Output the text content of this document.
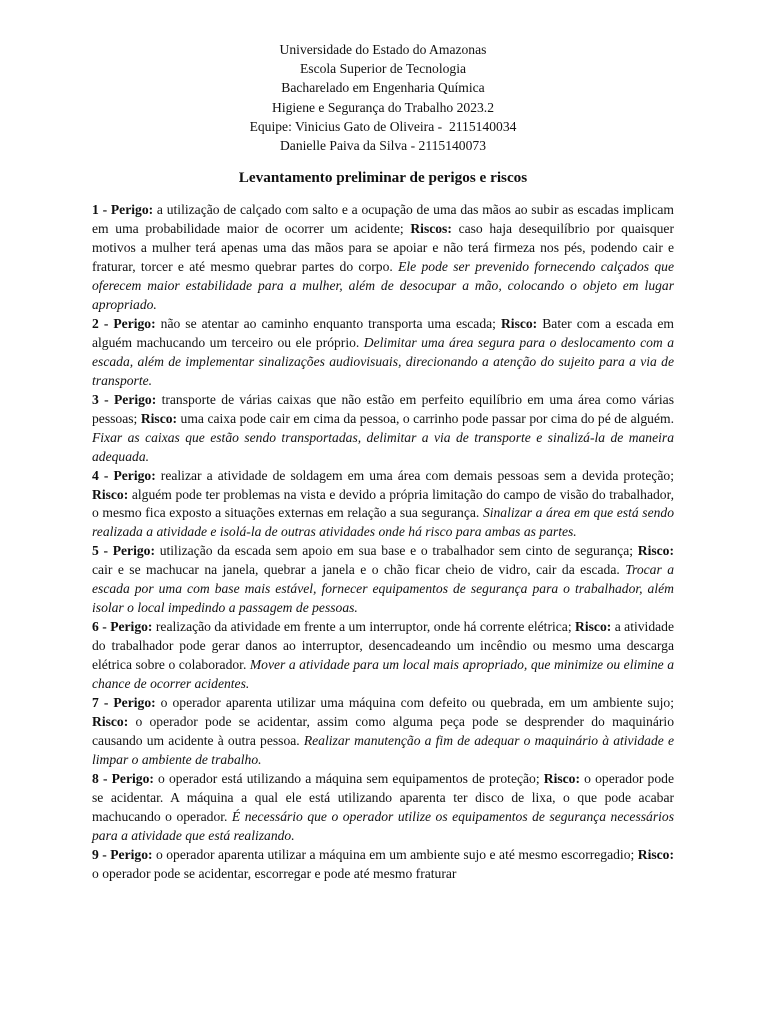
Universidade do Estado do Amazonas
Escola Superior de Tecnologia
Bacharelado em Engenharia Química
Higiene e Segurança do Trabalho 2023.2
Equipe: Vinicius Gato de Oliveira -  2115140034
Danielle Paiva da Silva - 2115140073
Levantamento preliminar de perigos e riscos

1 - Perigo: a utilização de calçado com salto e a ocupação de uma das mãos ao subir as escadas implicam em uma probabilidade maior de ocorrer um acidente; Riscos: caso haja desequilíbrio por quaisquer motivos a mulher terá apenas uma das mãos para se apoiar e não terá firmeza nos pés, podendo cair e fraturar, torcer e até mesmo quebrar partes do corpo. Ele pode ser prevenido fornecendo calçados que oferecem maior estabilidade para a mulher, além de desocupar a mão, colocando o objeto em lugar apropriado.

2 - Perigo: não se atentar ao caminho enquanto transporta uma escada; Risco: Bater com a escada em alguém machucando um terceiro ou ele próprio. Delimitar uma área segura para o deslocamento com a escada, além de implementar sinalizações audiovisuais, direcionando a atenção do sujeito para a via de transporte.

3 - Perigo: transporte de várias caixas que não estão em perfeito equilíbrio em uma área como várias pessoas; Risco: uma caixa pode cair em cima da pessoa, o carrinho pode passar por cima do pé de alguém. Fixar as caixas que estão sendo transportadas, delimitar a via de transporte e sinalizá-la de maneira adequada.

4 - Perigo: realizar a atividade de soldagem em uma área com demais pessoas sem a devida proteção; Risco: alguém pode ter problemas na vista e devido a própria limitação do campo de visão do trabalhador, o mesmo fica exposto a situações externas em relação a sua segurança. Sinalizar a área em que está sendo realizada a atividade e isolá-la de outras atividades onde há risco para ambas as partes.

5 - Perigo: utilização da escada sem apoio em sua base e o trabalhador sem cinto de segurança; Risco: cair e se machucar na janela, quebrar a janela e o chão ficar cheio de vidro, cair da escada. Trocar a escada por uma com base mais estável, fornecer equipamentos de segurança para o trabalhador, além isolar o local impedindo a passagem de pessoas.

6 - Perigo: realização da atividade em frente a um interruptor, onde há corrente elétrica; Risco: a atividade do trabalhador pode gerar danos ao interruptor, desencadeando um incêndio ou mesmo uma descarga elétrica sobre o colaborador. Mover a atividade para um local mais apropriado, que minimize ou elimine a chance de ocorrer acidentes.

7 - Perigo: o operador aparenta utilizar uma máquina com defeito ou quebrada, em um ambiente sujo; Risco: o operador pode se acidentar, assim como alguma peça pode se desprender do maquinário causando um acidente à outra pessoa. Realizar manutenção a fim de adequar o maquinário à atividade e limpar o ambiente de trabalho.

8 - Perigo: o operador está utilizando a máquina sem equipamentos de proteção; Risco: o operador pode se acidentar. A máquina a qual ele está utilizando aparenta ter disco de lixa, o que pode acabar machucando o operador. É necessário que o operador utilize os equipamentos de segurança necessários para a atividade que está realizando.

9 - Perigo: o operador aparenta utilizar a máquina em um ambiente sujo e até mesmo escorregadio; Risco: o operador pode se acidentar, escorregar e pode até mesmo fraturar
